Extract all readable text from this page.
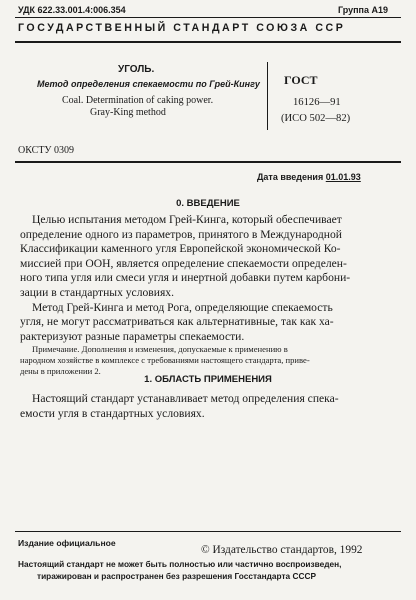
УДК 622.33.001.4:006.354	Группа А19
ГОСУДАРСТВЕННЫЙ СТАНДАРТ СОЮЗА ССР
УГОЛЬ.
Метод определения спекаемости по Грей-Кингу
Coal. Determination of caking power.
Gray-King method
ГОСТ
16126—91
(ИСО 502—82)
ОКСТУ 0309
Дата введения 01.01.93
0. ВВЕДЕНИЕ

Целью испытания методом Грей-Кинга, который обеспечивает

определение одного из параметров, принятого в Международной

Классификации каменного угля Европейской экономической Ко-

миссией при ООН, является определение спекаемости определен-

ного типа угля или смеси угля и инертной добавки путем карбони-

зации в стандартных условиях.

Метод Грей-Кинга и метод Рога, определяющие спекаемость

угля, не могут рассматриваться как альтернативные, так как ха-

рактеризуют разные параметры спекаемости.

Примечание. Дополнения и изменения, допускаемые к применению в

народном хозяйстве в комплексе с требованиями настоящего стандарта, приве-

дены в приложении 2.

1. ОБЛАСТЬ ПРИМЕНЕНИЯ

Настоящий стандарт устанавливает метод определения спека-

емости угля в стандартных условиях.

Издание официальное
© Издательство стандартов, 1992
Настоящий стандарт не может быть полностью или частично воспроизведен,
тиражирован и распространен без разрешения Госстандарта СССР
